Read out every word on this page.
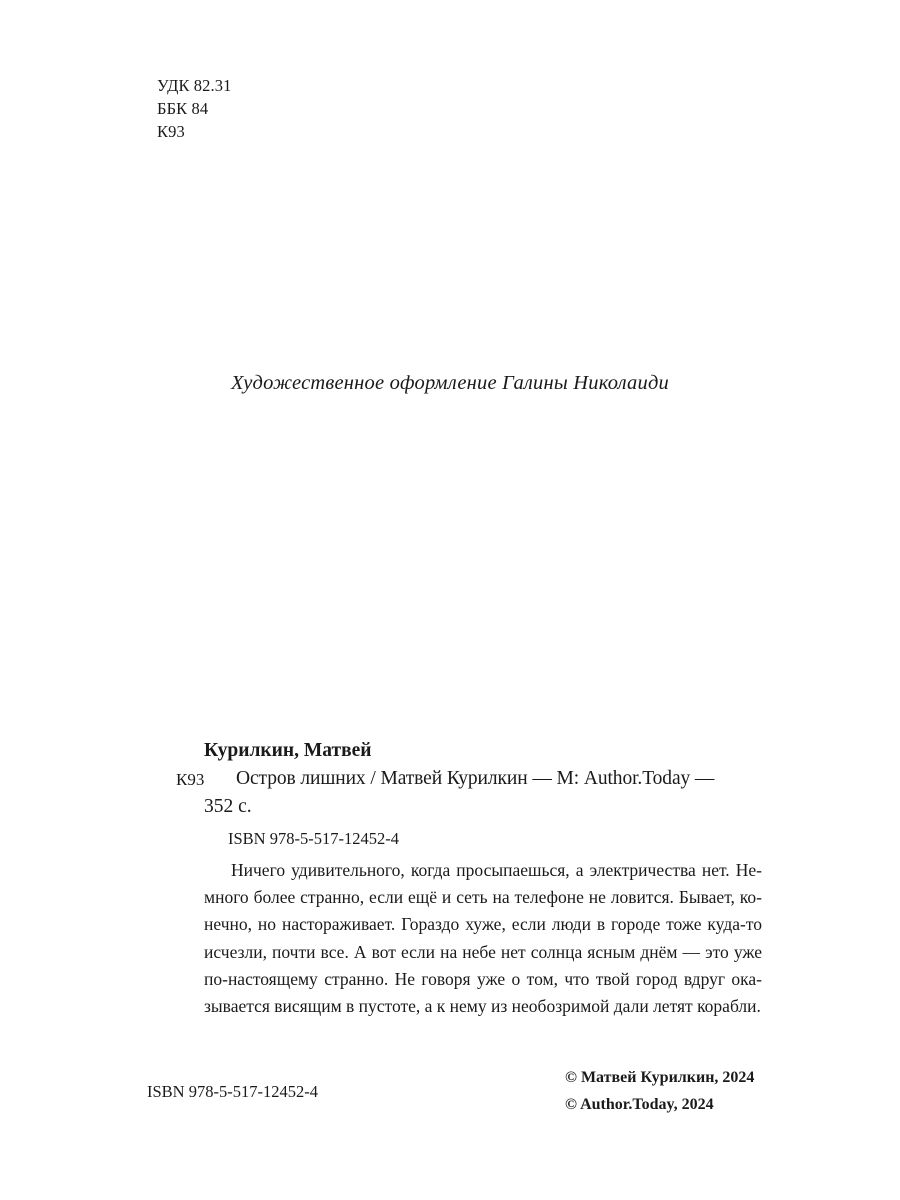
УДК 82.31
ББК 84
К93
Художественное оформление Галины Николаиди
Курилкин, Матвей
К93 Остров лишних / Матвей Курилкин — М: Author.Today —
352 с.
ISBN 978-5-517-12452-4
Ничего удивительного, когда просыпаешься, а электричества нет. Не-
много более странно, если ещё и сеть на телефоне не ловится. Бывает, ко-
нечно, но настораживает. Гораздо хуже, если люди в городе тоже куда-то
исчезли, почти все. А вот если на небе нет солнца ясным днём — это уже
по-настоящему странно. Не говоря уже о том, что твой город вдруг ока-
зывается висящим в пустоте, а к нему из необозримой дали летят корабли.
ISBN 978-5-517-12452-4
© Матвей Курилкин, 2024
© Author.Today, 2024
